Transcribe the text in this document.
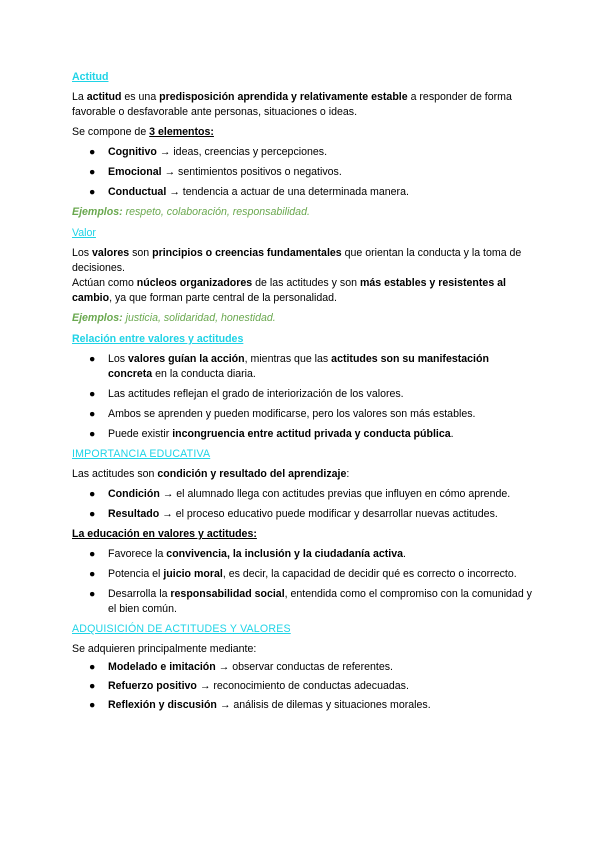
Actitud

La actitud es una predisposición aprendida y relativamente estable a responder de forma favorable o desfavorable ante personas, situaciones o ideas.

Se compone de 3 elementos:

● Cognitivo → ideas, creencias y percepciones.
● Emocional → sentimientos positivos o negativos.
● Conductual → tendencia a actuar de una determinada manera.

Ejemplos: respeto, colaboración, responsabilidad.

Valor

Los valores son principios o creencias fundamentales que orientan la conducta y la toma de decisiones.

Actúan como núcleos organizadores de las actitudes y son más estables y resistentes al cambio, ya que forman parte central de la personalidad.

Ejemplos: justicia, solidaridad, honestidad.

Relación entre valores y actitudes
● Los valores guían la acción, mientras que las actitudes son su manifestación concreta en la conducta diaria.
● Las actitudes reflejan el grado de interiorización de los valores.
● Ambos se aprenden y pueden modificarse, pero los valores son más estables.
● Puede existir incongruencia entre actitud privada y conducta pública.
IMPORTANCIA EDUCATIVA

Las actitudes son condición y resultado del aprendizaje:

● Condición → el alumnado llega con actitudes previas que influyen en cómo aprende.
● Resultado → el proceso educativo puede modificar y desarrollar nuevas actitudes.
La educación en valores y actitudes:
● Favorece la convivencia, la inclusión y la ciudadanía activa.
● Potencia el juicio moral, es decir, la capacidad de decidir qué es correcto o incorrecto.
● Desarrolla la responsabilidad social, entendida como el compromiso con la comunidad y el bien común.
ADQUISICIÓN DE ACTITUDES Y VALORES

Se adquieren principalmente mediante:

● Modelado e imitación → observar conductas de referentes.
● Refuerzo positivo → reconocimiento de conductas adecuadas.
● Reflexión y discusión → análisis de dilemas y situaciones morales.
